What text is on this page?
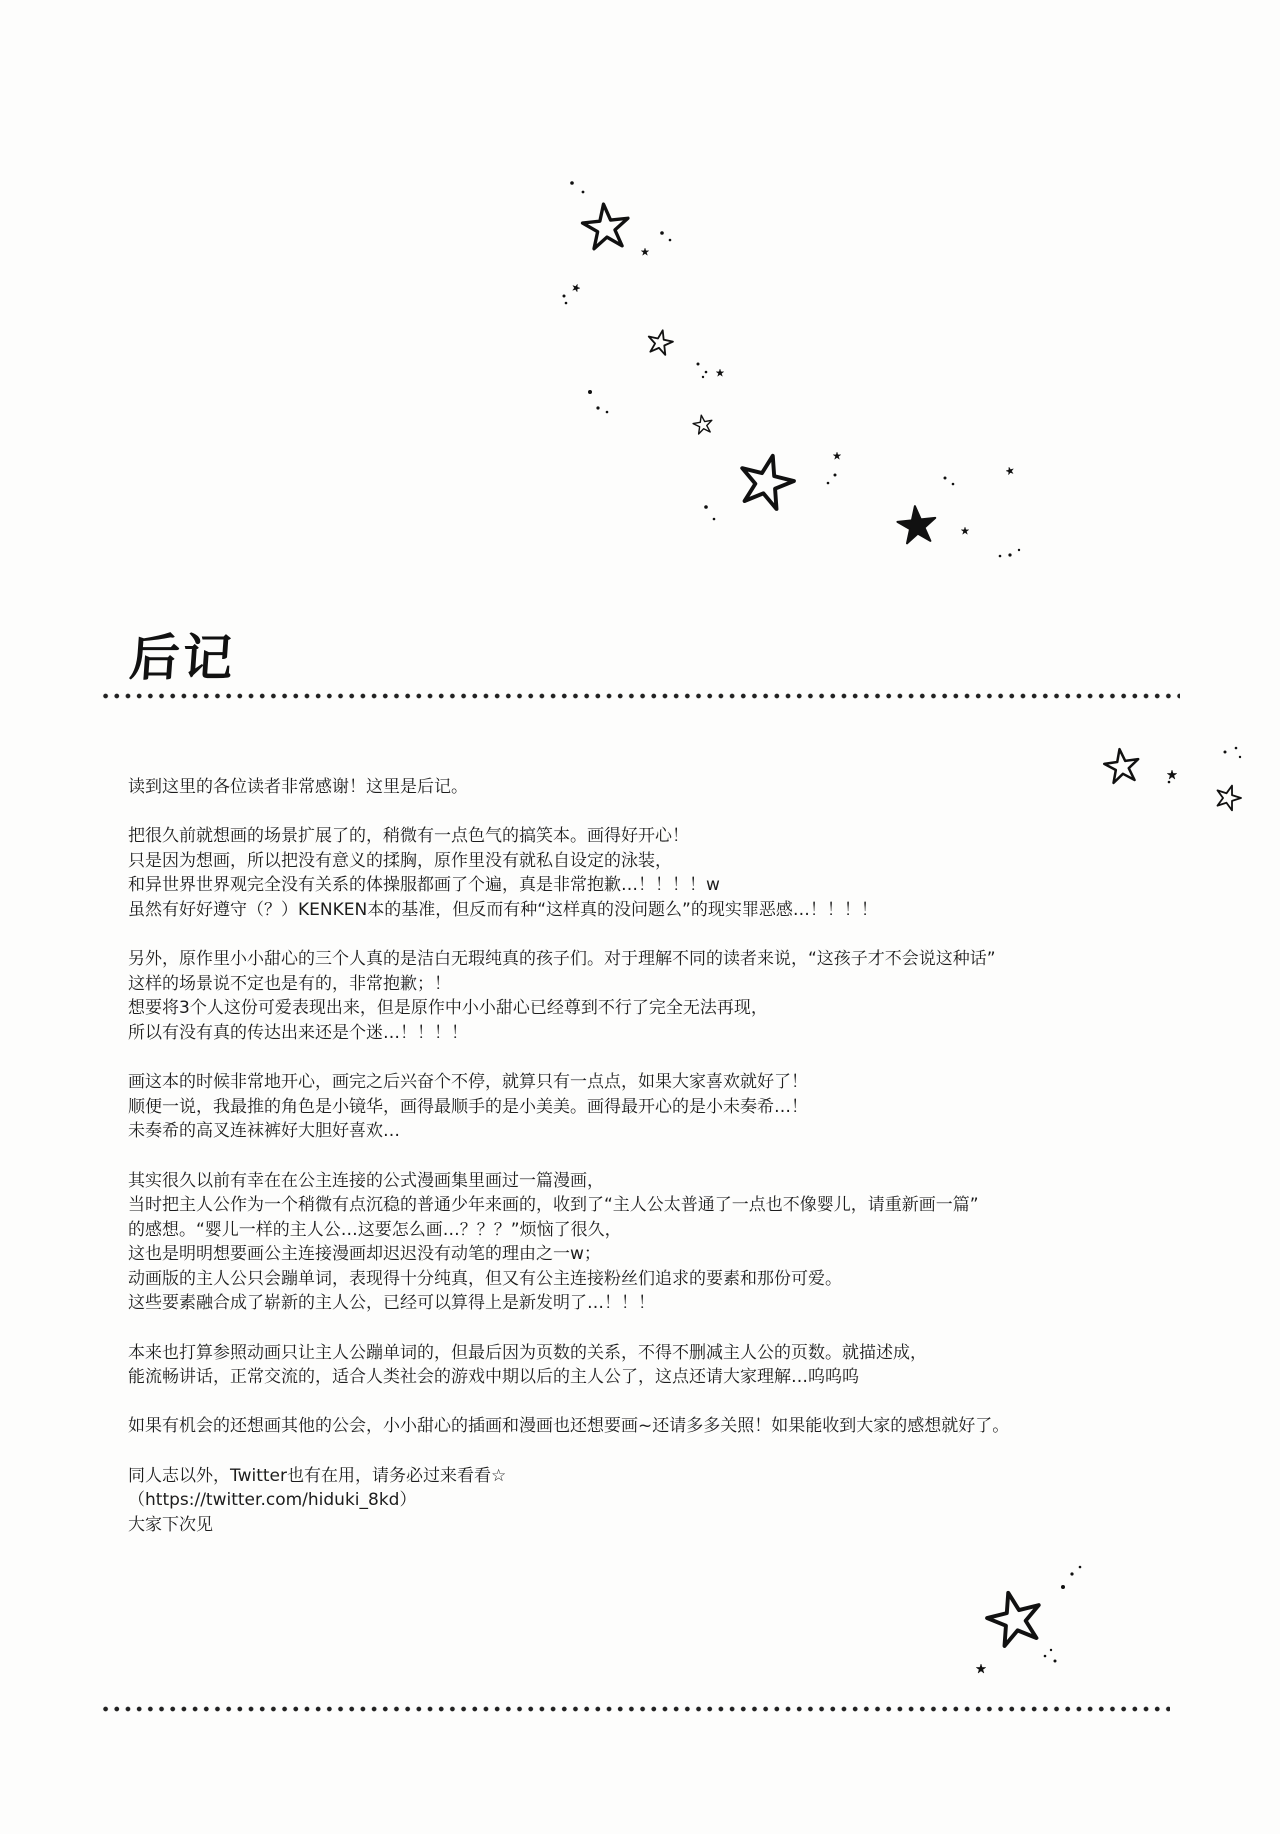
后记
读到这里的各位读者非常感谢！这里是后记。
把很久前就想画的场景扩展了的，稍微有一点色气的搞笑本。画得好开心！
只是因为想画，所以把没有意义的揉胸，原作里没有就私自设定的泳装，
和异世界世界观完全没有关系的体操服都画了个遍，真是非常抱歉…！！！！w
虽然有好好遵守（？）KENKEN本的基准，但反而有种“这样真的没问题么”的现实罪恶感…！！！！
另外，原作里小小甜心的三个人真的是洁白无瑕纯真的孩子们。对于理解不同的读者来说，“这孩子才不会说这种话”
这样的场景说不定也是有的，非常抱歉；！
想要将3个人这份可爱表现出来，但是原作中小小甜心已经尊到不行了完全无法再现，
所以有没有真的传达出来还是个迷…！！！！
画这本的时候非常地开心，画完之后兴奋个不停，就算只有一点点，如果大家喜欢就好了！
顺便一说，我最推的角色是小镜华，画得最顺手的是小美美。画得最开心的是小未奏希…！
未奏希的高叉连袜裤好大胆好喜欢…
其实很久以前有幸在在公主连接的公式漫画集里画过一篇漫画，
当时把主人公作为一个稍微有点沉稳的普通少年来画的，收到了“主人公太普通了一点也不像婴儿，请重新画一篇”
的感想。“婴儿一样的主人公…这要怎么画…？？？”烦恼了很久，
这也是明明想要画公主连接漫画却迟迟没有动笔的理由之一w；
动画版的主人公只会蹦单词，表现得十分纯真，但又有公主连接粉丝们追求的要素和那份可爱。
这些要素融合成了崭新的主人公，已经可以算得上是新发明了…！！！
本来也打算参照动画只让主人公蹦单词的，但最后因为页数的关系，不得不删减主人公的页数。就描述成，
能流畅讲话，正常交流的，适合人类社会的游戏中期以后的主人公了，这点还请大家理解…呜呜呜
如果有机会的还想画其他的公会，小小甜心的插画和漫画也还想要画~还请多多关照！如果能收到大家的感想就好了。
同人志以外，Twitter也有在用，请务必过来看看☆
（https://twitter.com/hiduki_8kd）
大家下次见
